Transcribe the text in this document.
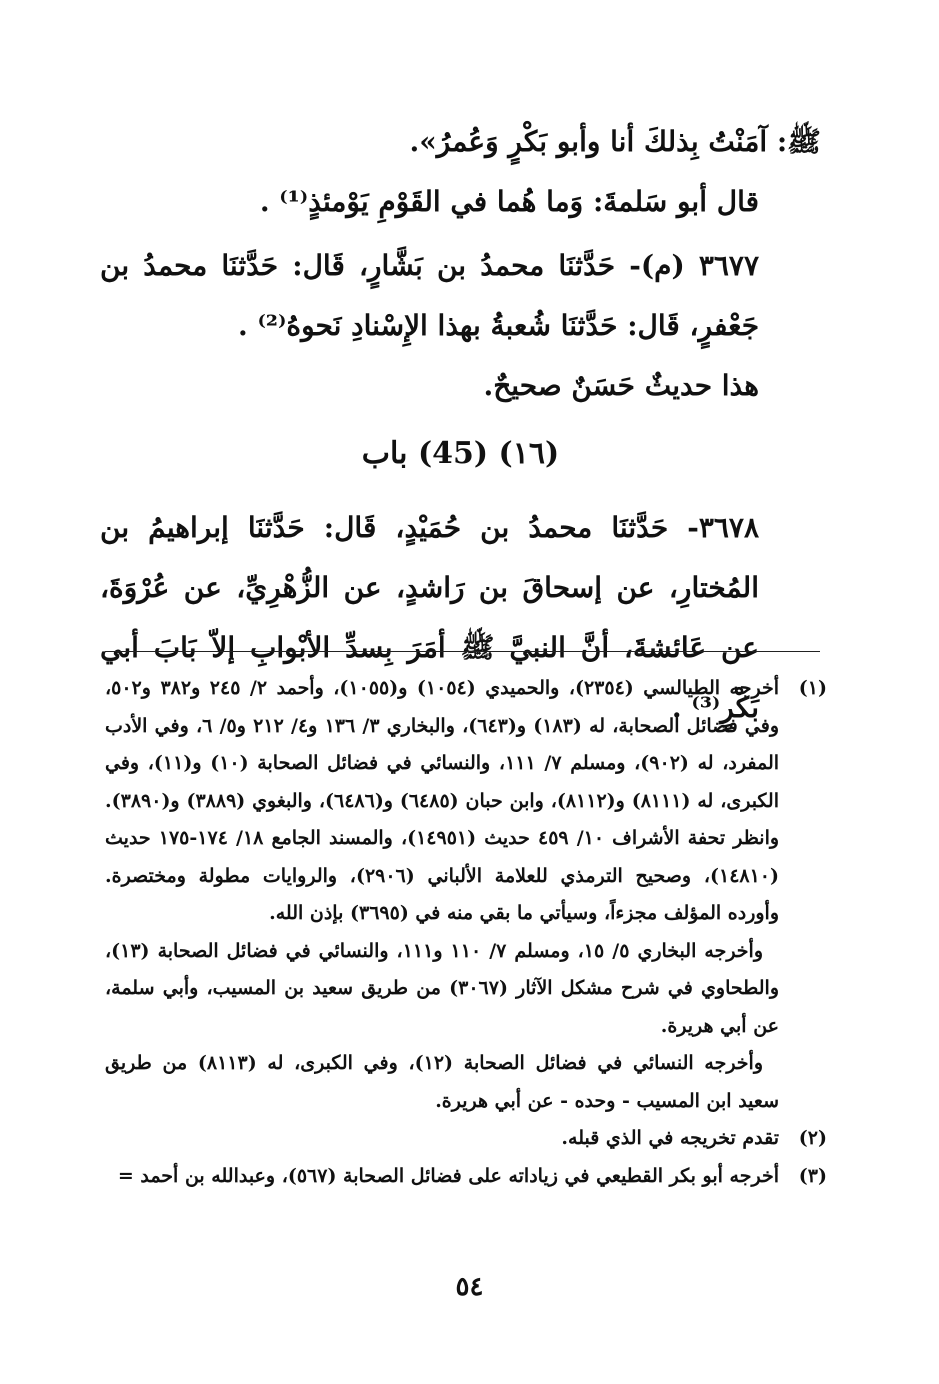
ﷺ: آمَنْتُ بِذلكَ أنا وأبو بَكْرٍ وَعُمرُ».

قال أبو سَلمةَ: وَما هُما في القَوْمِ يَوْمئذٍ⁽¹⁾ .

٣٦٧٧ (م)- حَدَّثنَا محمدُ بن بَشَّارٍ، قَال: حَدَّثنَا محمدُ بن جَعْفرٍ، قَال: حَدَّثنَا شُعبةُ بهذا الإِسْنادِ نَحوهُ⁽²⁾ .

هذا حديثٌ حَسَنٌ صحيحٌ.

(١٦) (45) باب

٣٦٧٨- حَدَّثنَا محمدُ بن حُمَيْدٍ، قَال: حَدَّثنَا إبراهيمُ بن المُختارِ، عن إسحاقَ بن رَاشدٍ، عن الزُّهْرِيِّ، عن عُرْوَةَ، عن عَائشةَ، أنَّ النبيَّ ﷺ أمَرَ بِسدِّ الأبْوابِ إلاّ بَابَ أبي بَكْرٍ⁽³⁾ .

(١)
أخرجه الطيالسي (٢٣٥٤)، والحميدي (١٠٥٤) و(١٠٥٥)، وأحمد ٢/ ٢٤٥ و٣٨٢ و٥٠٢، وفي فضائل الصحابة، له (١٨٣) و(٦٤٣)، والبخاري ٣/ ١٣٦ و٤/ ٢١٢ و٥/ ٦، وفي الأدب المفرد، له (٩٠٢)، ومسلم ٧/ ١١١، والنسائي في فضائل الصحابة (١٠) و(١١)، وفي الكبرى، له (٨١١١) و(٨١١٢)، وابن حبان (٦٤٨٥) و(٦٤٨٦)، والبغوي (٣٨٨٩) و(٣٨٩٠). وانظر تحفة الأشراف ١٠/ ٤٥٩ حديث (١٤٩٥١)، والمسند الجامع ١٨/ ١٧٤-١٧٥ حديث (١٤٨١٠)، وصحيح الترمذي للعلامة الألباني (٢٩٠٦)، والروايات مطولة ومختصرة. وأورده المؤلف مجزءاً، وسيأتي ما بقي منه في (٣٦٩٥) بإذن الله.
وأخرجه البخاري ٥/ ١٥، ومسلم ٧/ ١١٠ و١١١، والنسائي في فضائل الصحابة (١٣)، والطحاوي في شرح مشكل الآثار (٣٠٦٧) من طريق سعيد بن المسيب، وأبي سلمة، عن أبي هريرة.
وأخرجه النسائي في فضائل الصحابة (١٢)، وفي الكبرى، له (٨١١٣) من طريق سعيد ابن المسيب - وحده - عن أبي هريرة.
(٢)
تقدم تخريجه في الذي قبله.
(٣)
أخرجه أبو بكر القطيعي في زياداته على فضائل الصحابة (٥٦٧)، وعبدالله بن أحمد =
٥٤
